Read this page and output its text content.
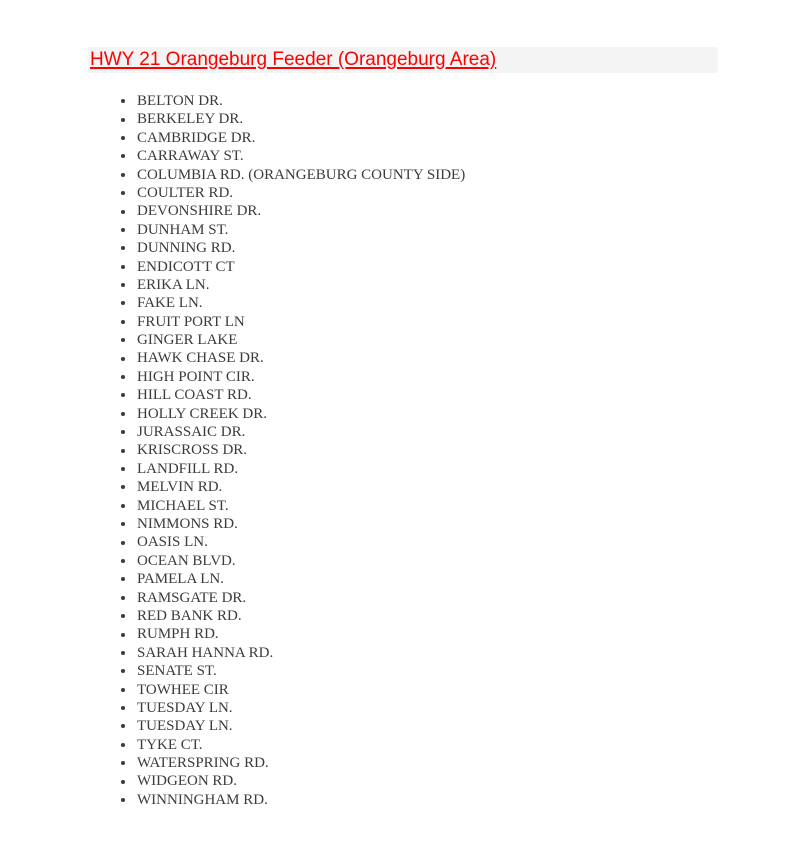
HWY 21 Orangeburg Feeder (Orangeburg Area)
BELTON DR.
BERKELEY DR.
CAMBRIDGE DR.
CARRAWAY ST.
COLUMBIA RD. (ORANGEBURG COUNTY SIDE)
COULTER RD.
DEVONSHIRE DR.
DUNHAM ST.
DUNNING RD.
ENDICOTT CT
ERIKA LN.
FAKE LN.
FRUIT PORT LN
GINGER LAKE
HAWK CHASE DR.
HIGH POINT CIR.
HILL COAST RD.
HOLLY CREEK DR.
JURASSAIC DR.
KRISCROSS DR.
LANDFILL RD.
MELVIN RD.
MICHAEL ST.
NIMMONS RD.
OASIS LN.
OCEAN BLVD.
PAMELA LN.
RAMSGATE DR.
RED BANK RD.
RUMPH RD.
SARAH HANNA RD.
SENATE ST.
TOWHEE CIR
TUESDAY LN.
TUESDAY LN.
TYKE CT.
WATERSPRING RD.
WIDGEON RD.
WINNINGHAM RD.
